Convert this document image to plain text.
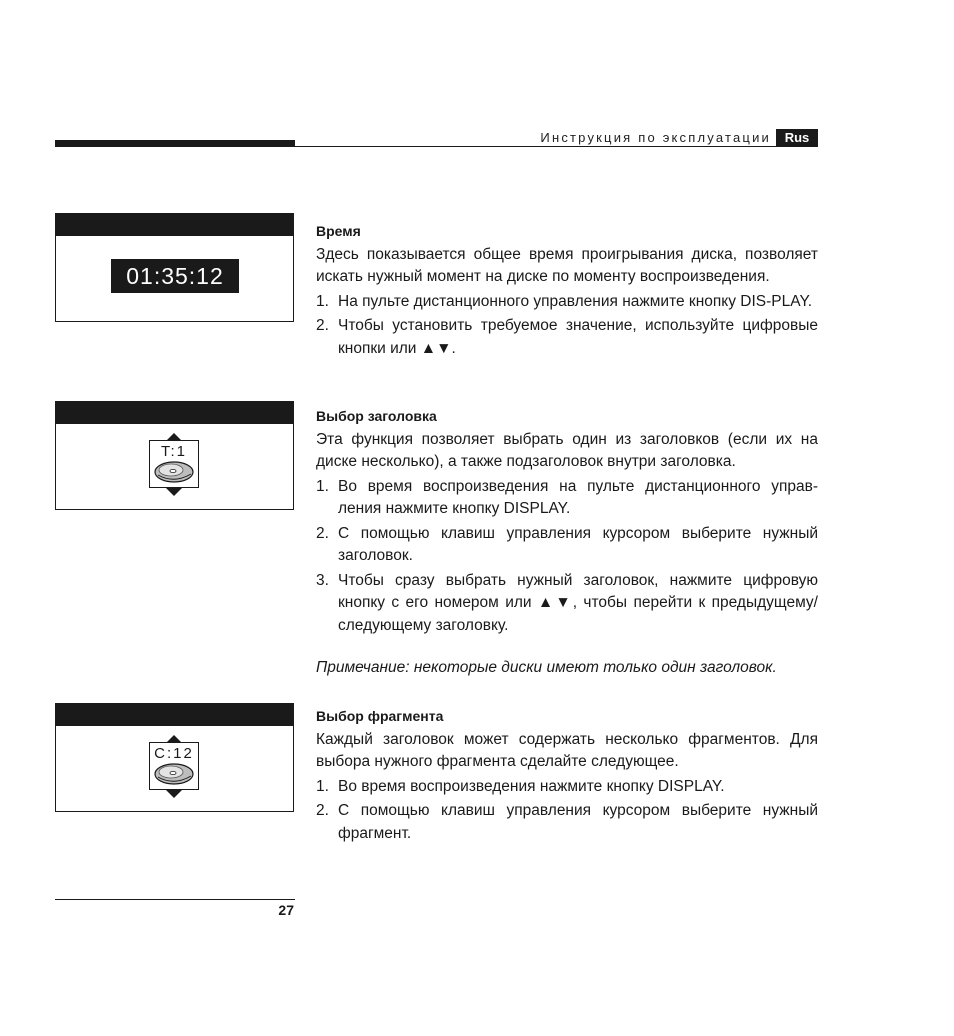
Инструкция по эксплуатации	Rus
01:35:12
T:1
C:12
Время

Здесь показывается общее время проигрывания диска, позволяет искать нужный момент на диске по моменту воспроизведения.

1. На пульте дистанционного управления нажмите кнопку DIS-PLAY.
2. Чтобы установить требуемое значение, используйте цифровые кнопки или ▲▼.
Выбор заголовка

Эта функция позволяет выбрать один из заголовков (если их на диске несколько), а также подзаголовок внутри заголовка.

1. Во время воспроизведения на пульте дистанционного управ-ления нажмите кнопку DISPLAY.
2. С помощью клавиш управления курсором выберите нужный заголовок.
3. Чтобы сразу выбрать нужный заголовок, нажмите цифровую кнопку с его номером или ▲▼, чтобы перейти к предыдущему/ следующему заголовку.
Примечание: некоторые диски имеют только один заголовок.
Выбор фрагмента

Каждый заголовок может содержать несколько фрагментов. Для выбора нужного фрагмента сделайте следующее.

1. Во время воспроизведения нажмите кнопку DISPLAY.
2. С помощью клавиш управления курсором выберите нужный фрагмент.
27
